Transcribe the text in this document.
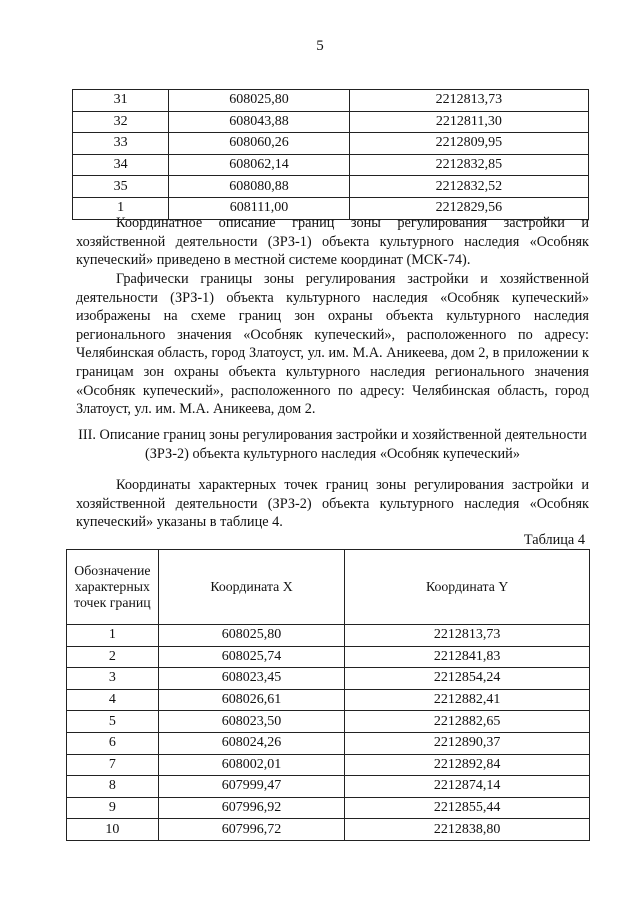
5
31	608025,80	2212813,73
32	608043,88	2212811,30
33	608060,26	2212809,95
34	608062,14	2212832,85
35	608080,88	2212832,52
1	608111,00	2212829,56

Координатное описание границ зоны регулирования застройки и хозяйственной деятельности (ЗРЗ-1) объекта культурного наследия «Особняк купеческий» приведено в местной системе координат (МСК-74).

Графически границы зоны регулирования застройки и хозяйственной деятельности (ЗРЗ-1) объекта культурного наследия «Особняк купеческий» изображены на схеме границ зон охраны объекта культурного наследия регионального значения «Особняк купеческий», расположенного по адресу: Челябинская область, город Златоуст, ул. им. М.А. Аникеева, дом 2, в приложении к границам зон охраны объекта культурного наследия регионального значения «Особняк купеческий», расположенного по адресу: Челябинская область, город Златоуст, ул. им. М.А. Аникеева, дом 2.

III. Описание границ зоны регулирования застройки и хозяйственной деятельности (ЗРЗ-2) объекта культурного наследия «Особняк купеческий»

Координаты характерных точек границ зоны регулирования застройки и хозяйственной деятельности (ЗРЗ-2) объекта культурного наследия «Особняк купеческий» указаны в таблице 4.

Таблица 4
Обозначение характерных точек границ	Координата X	Координата Y
1	608025,80	2212813,73
2	608025,74	2212841,83
3	608023,45	2212854,24
4	608026,61	2212882,41
5	608023,50	2212882,65
6	608024,26	2212890,37
7	608002,01	2212892,84
8	607999,47	2212874,14
9	607996,92	2212855,44
10	607996,72	2212838,80
